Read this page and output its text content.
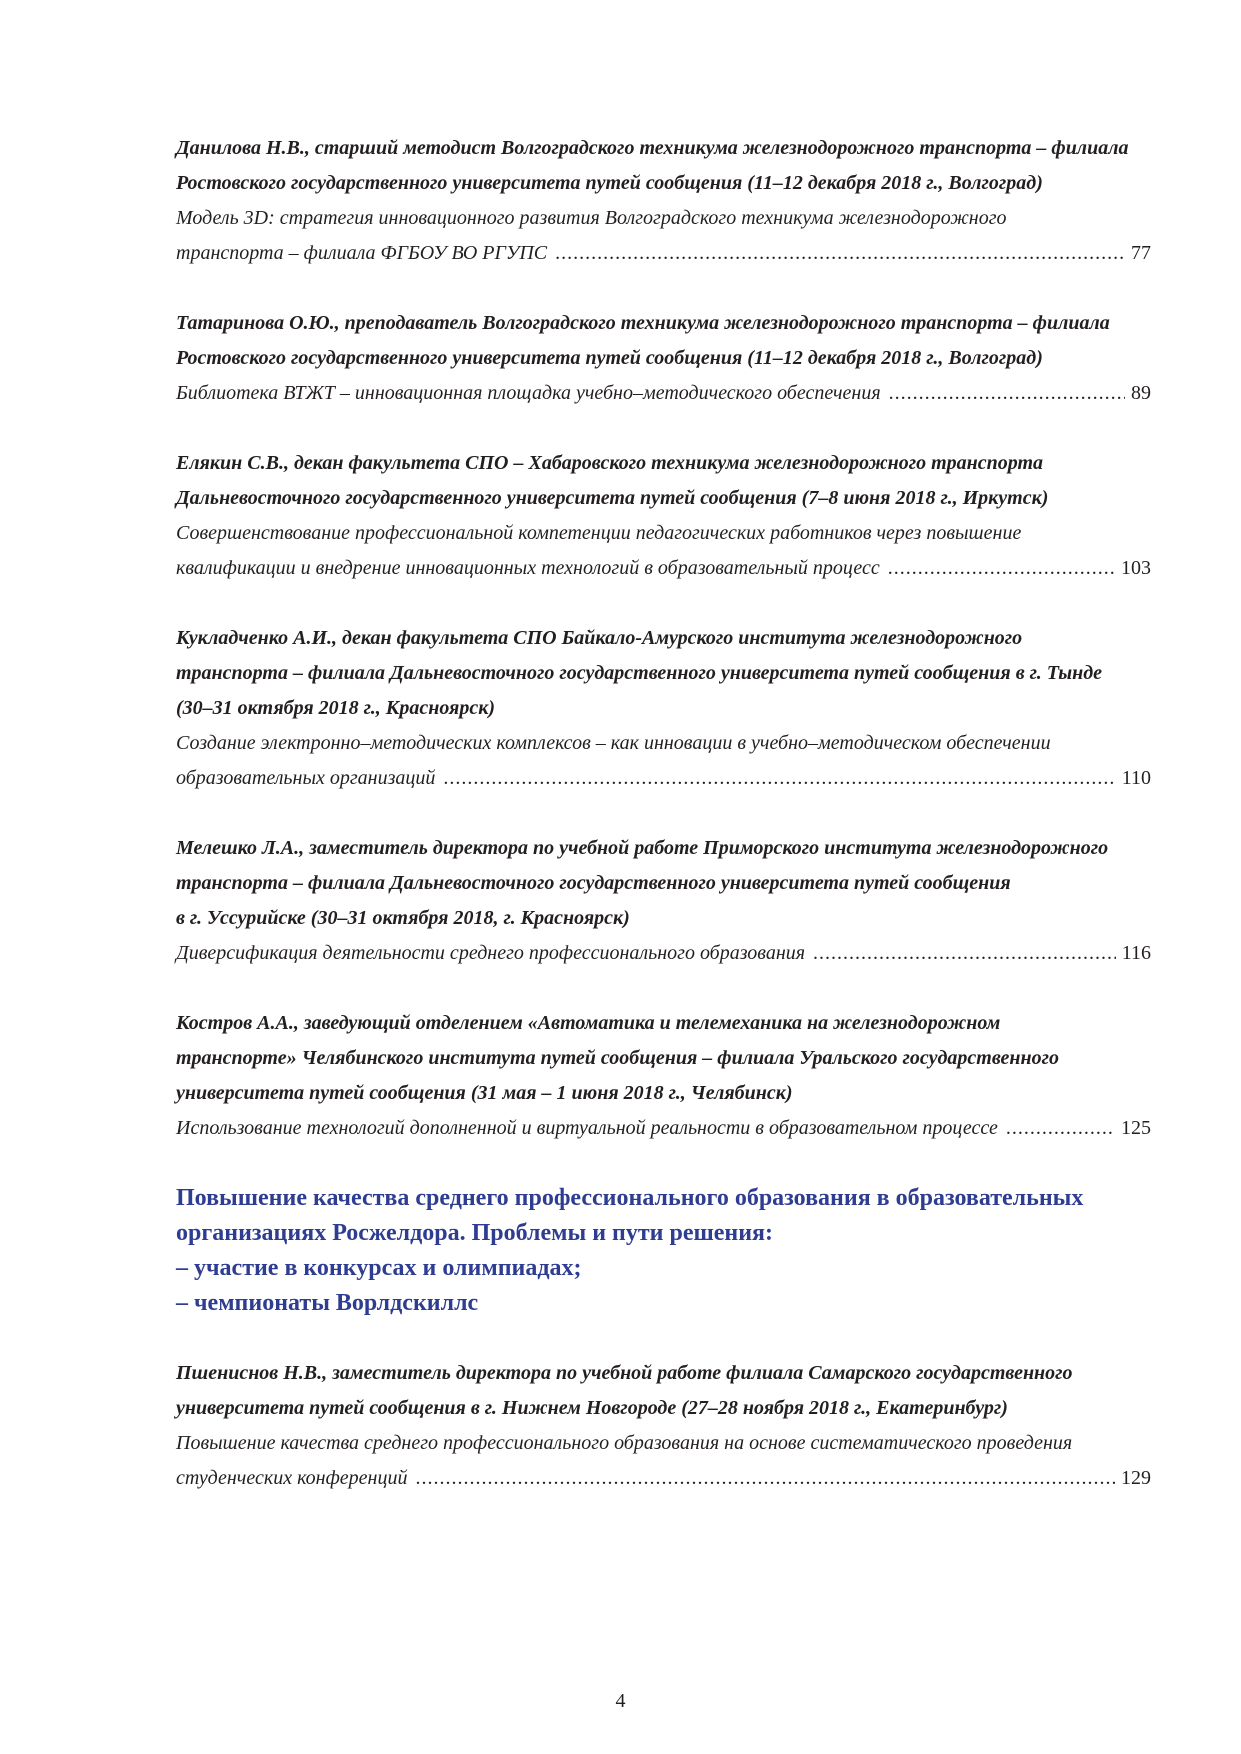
Данилова Н.В., старший методист Волгоградского техникума железнодорожного транспорта – филиала
Ростовского государственного университета путей сообщения (11–12 декабря 2018 г., Волгоград)
Модель 3D: стратегия инновационного развития Волгоградского техникума железнодорожного
транспорта – филиала ФГБОУ ВО РГУПС .....	77
Татаринова О.Ю., преподаватель Волгоградского техникума железнодорожного транспорта – филиала
Ростовского государственного университета путей сообщения (11–12 декабря 2018 г., Волгоград)
Библиотека ВТЖТ – инновационная площадка учебно–методического обеспечения .....	89
Елякин С.В., декан факультета СПО – Хабаровского техникума железнодорожного транспорта
Дальневосточного государственного университета путей сообщения (7–8 июня 2018 г., Иркутск)
Совершенствование профессиональной компетенции педагогических работников через повышение
квалификации и внедрение инновационных технологий в образовательный процесс .....	103
Кукладченко А.И., декан факультета СПО Байкало-Амурского института железнодорожного
транспорта – филиала Дальневосточного государственного университета путей сообщения в г. Тынде
(30–31 октября 2018 г., Красноярск)
Создание электронно–методических комплексов – как инновации в учебно–методическом обеспечении
образовательных организаций .....	110
Мелешко Л.А., заместитель директора по учебной работе Приморского института железнодорожного
транспорта – филиала Дальневосточного государственного университета путей сообщения
в г. Уссурийске (30–31 октября 2018, г. Красноярск)
Диверсификация деятельности среднего профессионального образования .....	116
Костров А.А., заведующий отделением «Автоматика и телемеханика на железнодорожном
транспорте» Челябинского института путей сообщения – филиала Уральского государственного
университета путей сообщения (31 мая – 1 июня 2018 г., Челябинск)
Использование технологий дополненной и виртуальной реальности в образовательном процессе .....	125
Повышение качества среднего профессионального образования в образовательных
организациях Росжелдора. Проблемы и пути решения:
– участие в конкурсах и олимпиадах;
– чемпионаты Ворлдскиллс
Пшениснов Н.В., заместитель директора по учебной работе филиала Самарского государственного
университета путей сообщения в г. Нижнем Новгороде (27–28 ноября 2018 г., Екатеринбург)
Повышение качества среднего профессионального образования на основе систематического проведения
студенческих конференций .....	129
4
